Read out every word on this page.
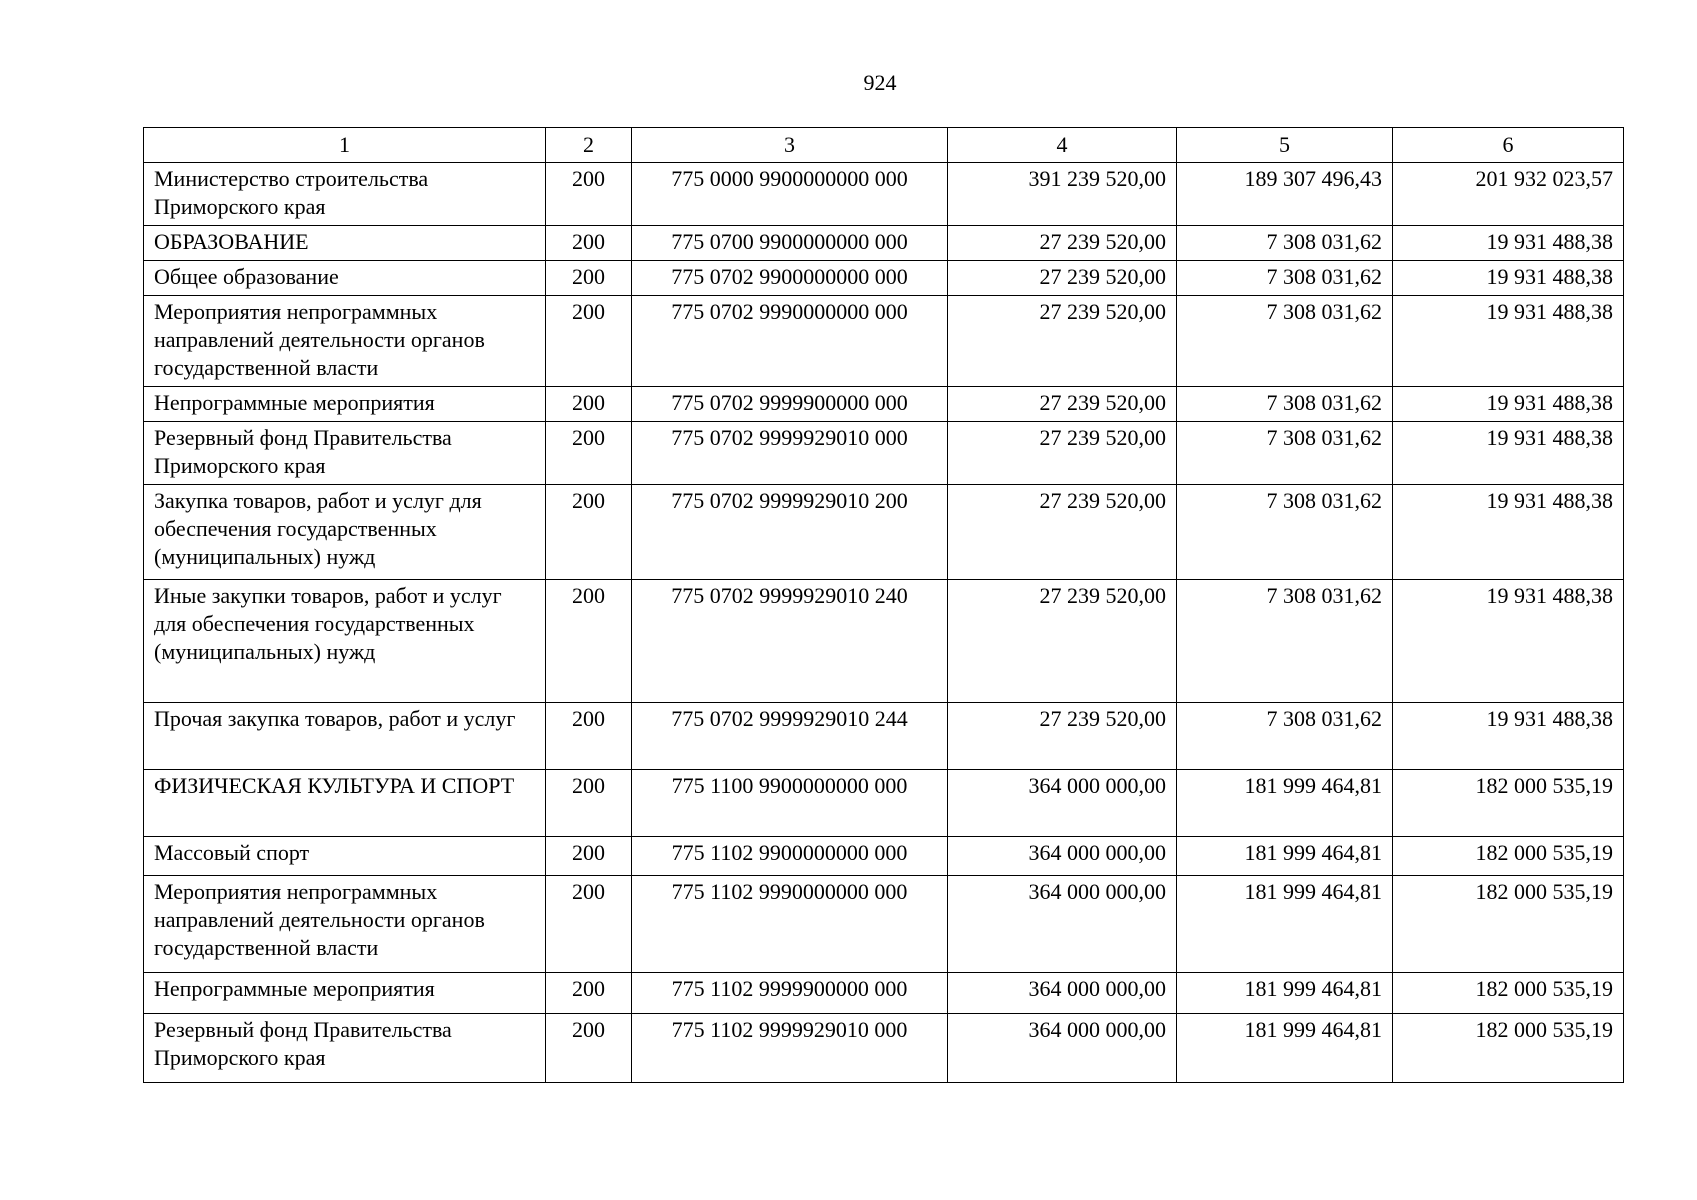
924
1	2	3	4	5	6
Министерство строительства Приморского края	200	775 0000 9900000000 000	391 239 520,00	189 307 496,43	201 932 023,57
ОБРАЗОВАНИЕ	200	775 0700 9900000000 000	27 239 520,00	7 308 031,62	19 931 488,38
Общее образование	200	775 0702 9900000000 000	27 239 520,00	7 308 031,62	19 931 488,38
Мероприятия непрограммных направлений деятельности органов государственной власти	200	775 0702 9990000000 000	27 239 520,00	7 308 031,62	19 931 488,38
Непрограммные мероприятия	200	775 0702 9999900000 000	27 239 520,00	7 308 031,62	19 931 488,38
Резервный фонд Правительства Приморского края	200	775 0702 9999929010 000	27 239 520,00	7 308 031,62	19 931 488,38
Закупка товаров, работ и услуг для обеспечения государственных (муниципальных) нужд	200	775 0702 9999929010 200	27 239 520,00	7 308 031,62	19 931 488,38
Иные закупки товаров, работ и услуг для обеспечения государственных (муниципальных) нужд	200	775 0702 9999929010 240	27 239 520,00	7 308 031,62	19 931 488,38
Прочая закупка товаров, работ и услуг	200	775 0702 9999929010 244	27 239 520,00	7 308 031,62	19 931 488,38
ФИЗИЧЕСКАЯ КУЛЬТУРА И СПОРТ	200	775 1100 9900000000 000	364 000 000,00	181 999 464,81	182 000 535,19
Массовый спорт	200	775 1102 9900000000 000	364 000 000,00	181 999 464,81	182 000 535,19
Мероприятия непрограммных направлений деятельности органов государственной власти	200	775 1102 9990000000 000	364 000 000,00	181 999 464,81	182 000 535,19
Непрограммные мероприятия	200	775 1102 9999900000 000	364 000 000,00	181 999 464,81	182 000 535,19
Резервный фонд Правительства Приморского края	200	775 1102 9999929010 000	364 000 000,00	181 999 464,81	182 000 535,19
